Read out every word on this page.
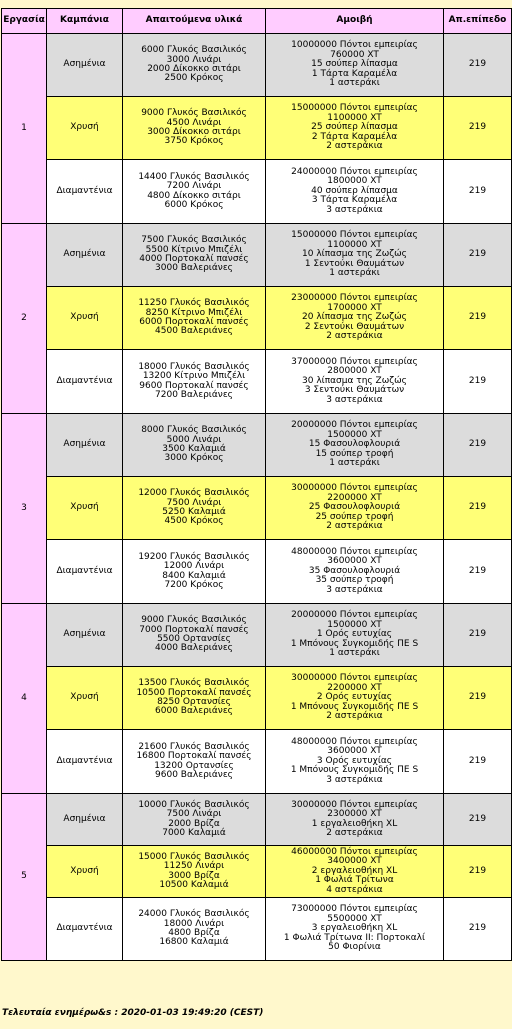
Εργασία	Καμπάνια	Απαιτούμενα υλικά	Αμοιβή	Απ.επίπεδο
1	Ασημένια	6000 Γλυκός Βασιλικός
3000 Λινάρι
2000 Δίκοκκο σιτάρι
2500 Κρόκος	10000000 Πόντοι εμπειρίας
760000 XT
15 σούπερ λίπασμα
1 Τάρτα Καραμέλα
1 αστεράκι	219
	Χρυσή	9000 Γλυκός Βασιλικός
4500 Λινάρι
3000 Δίκοκκο σιτάρι
3750 Κρόκος	15000000 Πόντοι εμπειρίας
1100000 XT
25 σούπερ λίπασμα
2 Τάρτα Καραμέλα
2 αστεράκια	219
	Διαμαντένια	14400 Γλυκός Βασιλικός
7200 Λινάρι
4800 Δίκοκκο σιτάρι
6000 Κρόκος	24000000 Πόντοι εμπειρίας
1800000 XT
40 σούπερ λίπασμα
3 Τάρτα Καραμέλα
3 αστεράκια	219
2	Ασημένια	7500 Γλυκός Βασιλικός
5500 Κίτρινο Μπιζέλι
4000 Πορτοκαλί πανσές
3000 Βαλεριάνες	15000000 Πόντοι εμπειρίας
1100000 XT
10 λίπασμα της Ζωζώς
1 Σεντούκι Θαυμάτων
1 αστεράκι	219
	Χρυσή	11250 Γλυκός Βασιλικός
8250 Κίτρινο Μπιζέλι
6000 Πορτοκαλί πανσές
4500 Βαλεριάνες	23000000 Πόντοι εμπειρίας
1700000 XT
20 λίπασμα της Ζωζώς
2 Σεντούκι Θαυμάτων
2 αστεράκια	219
	Διαμαντένια	18000 Γλυκός Βασιλικός
13200 Κίτρινο Μπιζέλι
9600 Πορτοκαλί πανσές
7200 Βαλεριάνες	37000000 Πόντοι εμπειρίας
2800000 XT
30 λίπασμα της Ζωζώς
3 Σεντούκι Θαυμάτων
3 αστεράκια	219
3	Ασημένια	8000 Γλυκός Βασιλικός
5000 Λινάρι
3500 Καλαμιά
3000 Κρόκος	20000000 Πόντοι εμπειρίας
1500000 XT
15 Φασουλοφλουριά
15 σούπερ τροφή
1 αστεράκι	219
	Χρυσή	12000 Γλυκός Βασιλικός
7500 Λινάρι
5250 Καλαμιά
4500 Κρόκος	30000000 Πόντοι εμπειρίας
2200000 XT
25 Φασουλοφλουριά
25 σούπερ τροφή
2 αστεράκια	219
	Διαμαντένια	19200 Γλυκός Βασιλικός
12000 Λινάρι
8400 Καλαμιά
7200 Κρόκος	48000000 Πόντοι εμπειρίας
3600000 XT
35 Φασουλοφλουριά
35 σούπερ τροφή
3 αστεράκια	219
4	Ασημένια	9000 Γλυκός Βασιλικός
7000 Πορτοκαλί πανσές
5500 Ορτανσίες
4000 Βαλεριάνες	20000000 Πόντοι εμπειρίας
1500000 XT
1 Ορός ευτυχίας
1 Μπόνους Συγκομιδής ΠΕ S
1 αστεράκι	219
	Χρυσή	13500 Γλυκός Βασιλικός
10500 Πορτοκαλί πανσές
8250 Ορτανσίες
6000 Βαλεριάνες	30000000 Πόντοι εμπειρίας
2200000 XT
2 Ορός ευτυχίας
1 Μπόνους Συγκομιδής ΠΕ S
2 αστεράκια	219
	Διαμαντένια	21600 Γλυκός Βασιλικός
16800 Πορτοκαλί πανσές
13200 Ορτανσίες
9600 Βαλεριάνες	48000000 Πόντοι εμπειρίας
3600000 XT
3 Ορός ευτυχίας
1 Μπόνους Συγκομιδής ΠΕ S
3 αστεράκια	219
5	Ασημένια	10000 Γλυκός Βασιλικός
7500 Λινάρι
2000 Βρίζα
7000 Καλαμιά	30000000 Πόντοι εμπειρίας
2300000 XT
1 εργαλειοθήκη XL
2 αστεράκια	219
	Χρυσή	15000 Γλυκός Βασιλικός
11250 Λινάρι
3000 Βρίζα
10500 Καλαμιά	46000000 Πόντοι εμπειρίας
3400000 XT
2 εργαλειοθήκη XL
1 Φωλιά Τρίτωνα
4 αστεράκια	219
	Διαμαντένια	24000 Γλυκός Βασιλικός
18000 Λινάρι
4800 Βρίζα
16800 Καλαμιά	73000000 Πόντοι εμπειρίας
5500000 XT
3 εργαλειοθήκη XL
1 Φωλιά Τρίτωνα ΙΙ: Πορτοκαλί
50 Φιορίνια	219
Τελευταία ενημέρω&s : 2020-01-03 19:49:20 (CEST)
